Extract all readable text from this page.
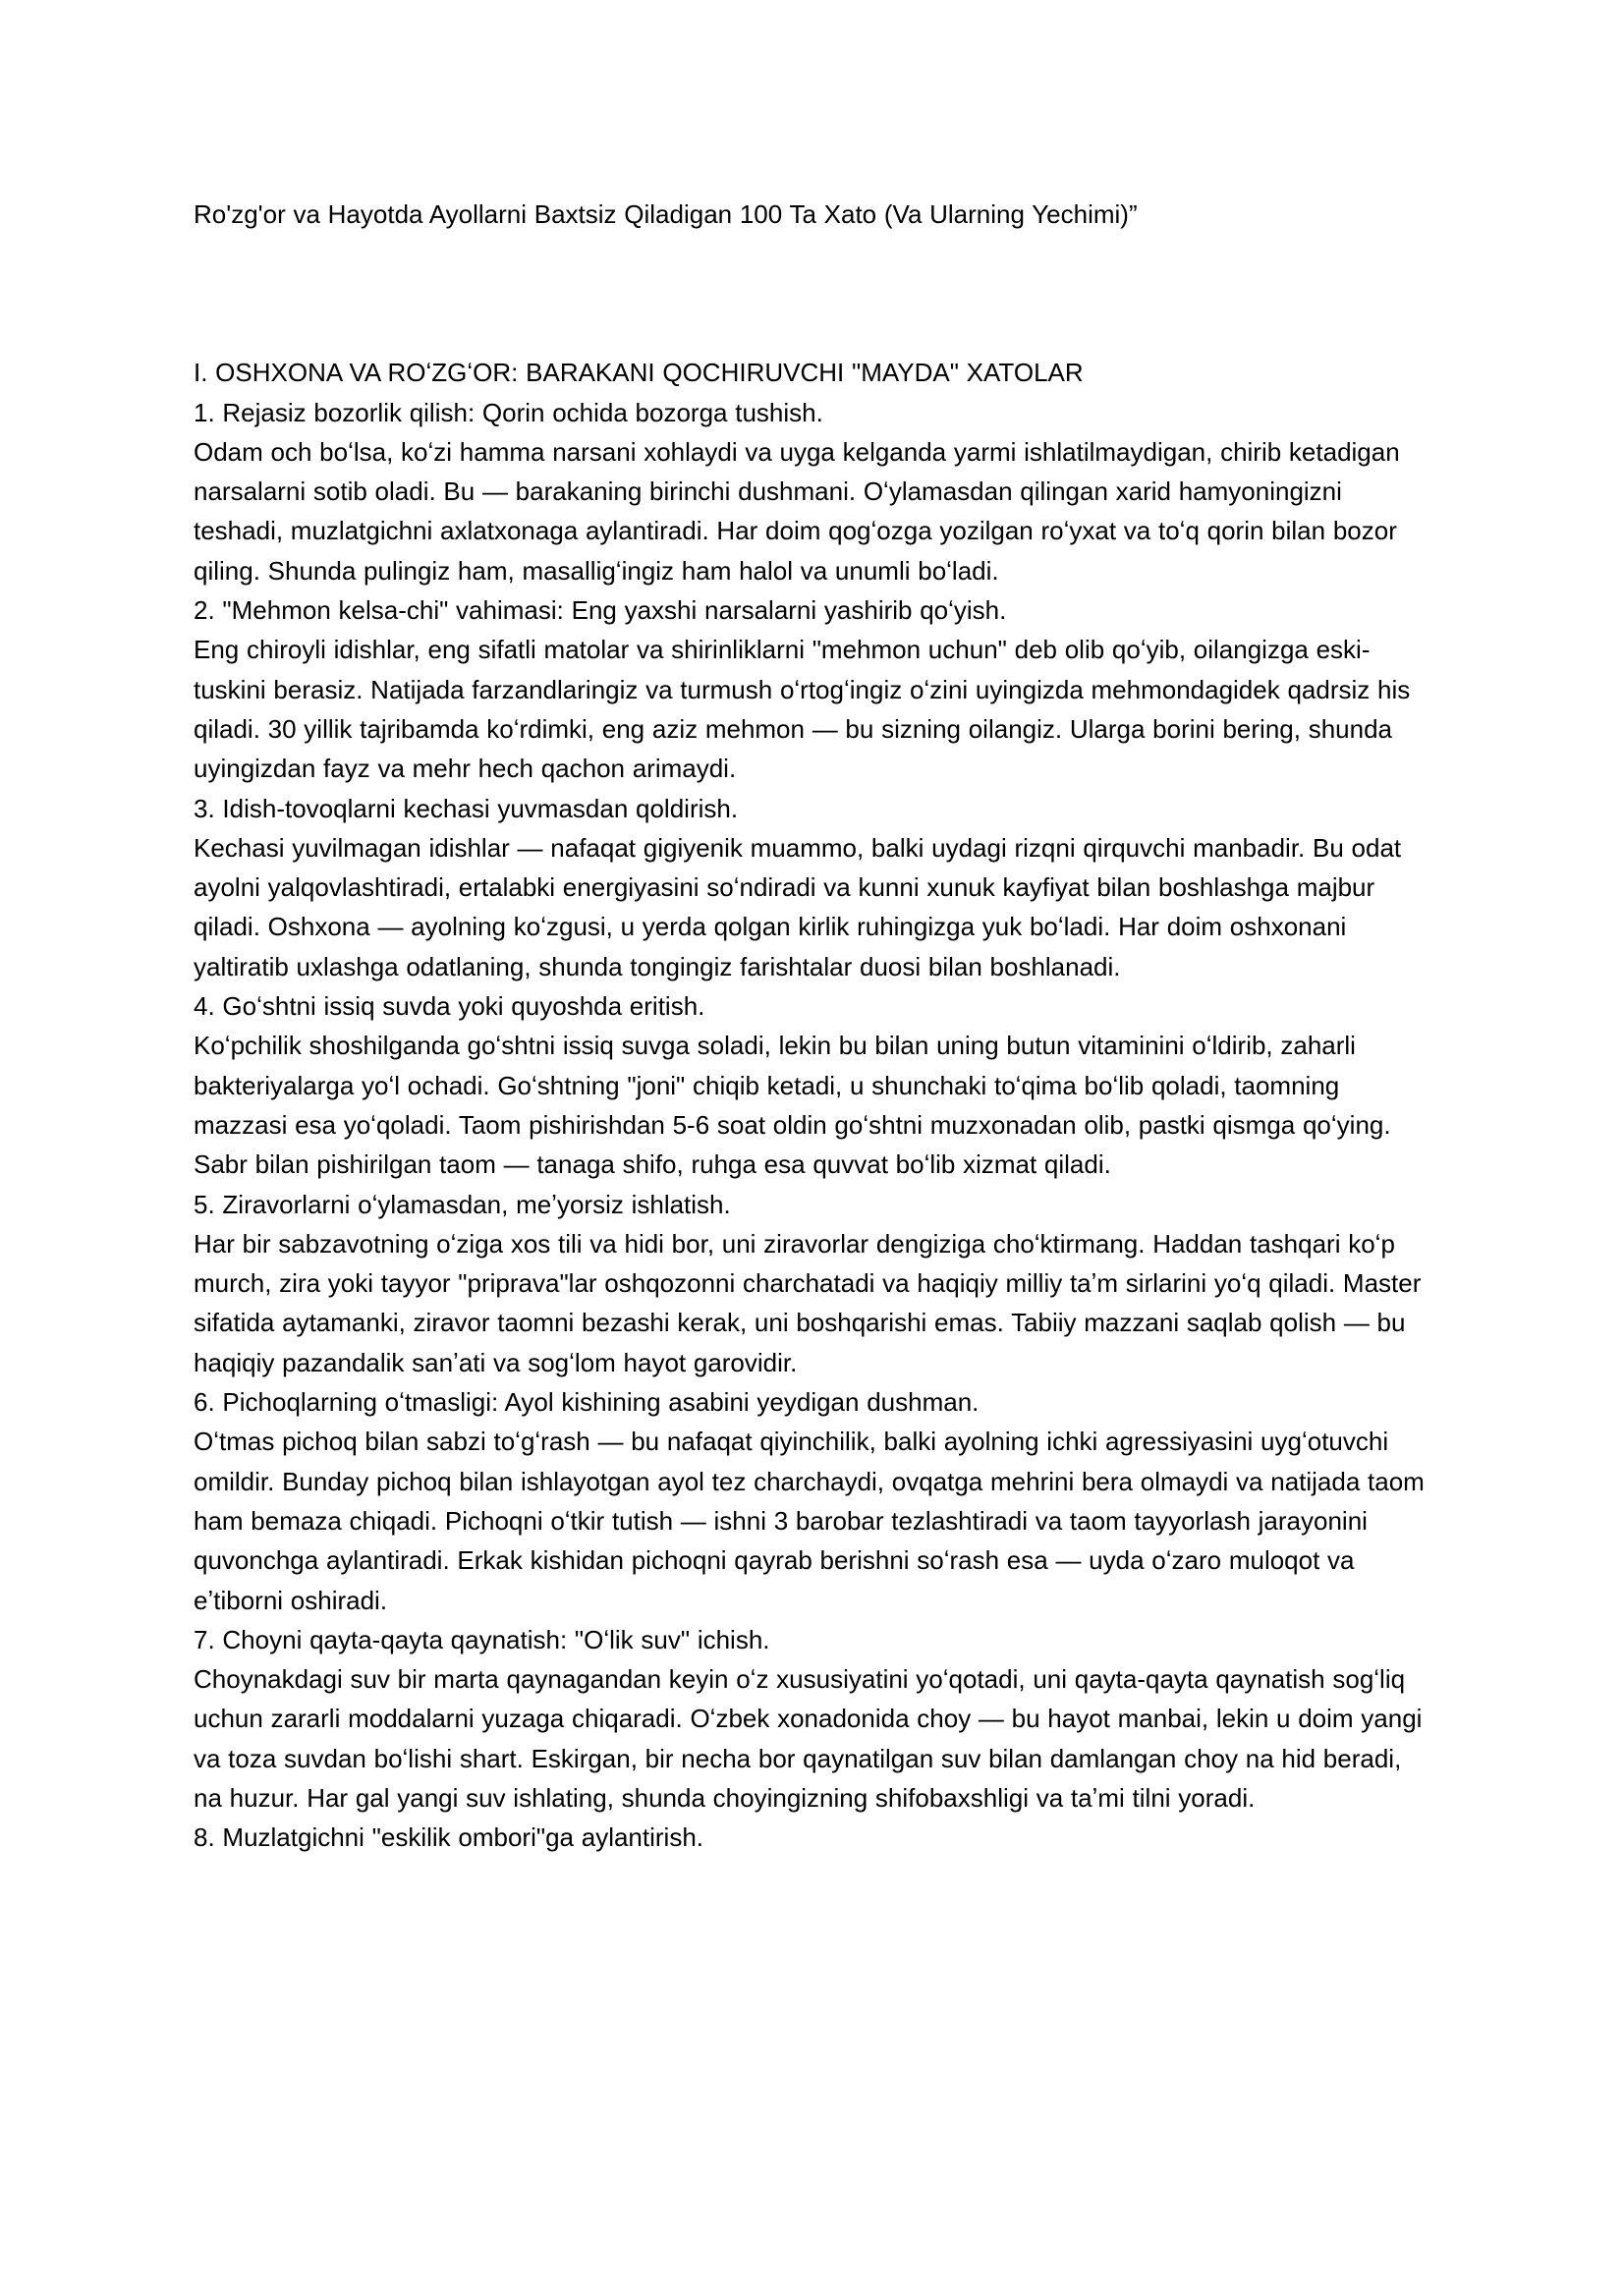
Ro'zg'or va Hayotda Ayollarni Baxtsiz Qiladigan 100 Ta Xato (Va Ularning Yechimi)”

I. OSHXONA VA ROʻZGʻOR: BARAKANI QOCHIRUVCHI "MAYDA" XATOLAR

1. Rejasiz bozorlik qilish: Qorin ochida bozorga tushish.

Odam och boʻlsa, koʻzi hamma narsani xohlaydi va uyga kelganda yarmi ishlatilmaydigan, chirib ketadigan narsalarni sotib oladi. Bu — barakaning birinchi dushmani. Oʻylamasdan qilingan xarid hamyoningizni teshadi, muzlatgichni axlatxonaga aylantiradi. Har doim qogʻozga yozilgan roʻyxat va toʻq qorin bilan bozor qiling. Shunda pulingiz ham, masalligʻingiz ham halol va unumli boʻladi.

2. "Mehmon kelsa-chi" vahimasi: Eng yaxshi narsalarni yashirib qoʻyish.

Eng chiroyli idishlar, eng sifatli matolar va shirinliklarni "mehmon uchun" deb olib qoʻyib, oilangizga eski-tuskini berasiz. Natijada farzandlaringiz va turmush oʻrtogʻingiz oʻzini uyingizda mehmondagidek qadrsiz his qiladi. 30 yillik tajribamda koʻrdimki, eng aziz mehmon — bu sizning oilangiz. Ularga borini bering, shunda uyingizdan fayz va mehr hech qachon arimaydi.

3. Idish-tovoqlarni kechasi yuvmasdan qoldirish.

Kechasi yuvilmagan idishlar — nafaqat gigiyenik muammo, balki uydagi rizqni qirquvchi manbadir. Bu odat ayolni yalqovlashtiradi, ertalabki energiyasini soʻndiradi va kunni xunuk kayfiyat bilan boshlashga majbur qiladi. Oshxona — ayolning koʻzgusi, u yerda qolgan kirlik ruhingizga yuk boʻladi. Har doim oshxonani yaltiratib uxlashga odatlaning, shunda tongingiz farishtalar duosi bilan boshlanadi.

4. Goʻshtni issiq suvda yoki quyoshda eritish.

Koʻpchilik shoshilganda goʻshtni issiq suvga soladi, lekin bu bilan uning butun vitaminini oʻldirib, zaharli bakteriyalarga yoʻl ochadi. Goʻshtning "joni" chiqib ketadi, u shunchaki toʻqima boʻlib qoladi, taomning mazzasi esa yoʻqoladi. Taom pishirishdan 5-6 soat oldin goʻshtni muzxonadan olib, pastki qismga qoʻying. Sabr bilan pishirilgan taom — tanaga shifo, ruhga esa quvvat boʻlib xizmat qiladi.

5. Ziravorlarni oʻylamasdan, meʼyorsiz ishlatish.

Har bir sabzavotning oʻziga xos tili va hidi bor, uni ziravorlar dengiziga choʻktirmang. Haddan tashqari koʻp murch, zira yoki tayyor "priprava"lar oshqozonni charchatadi va haqiqiy milliy taʼm sirlarini yoʻq qiladi. Master sifatida aytamanki, ziravor taomni bezashi kerak, uni boshqarishi emas. Tabiiy mazzani saqlab qolish — bu haqiqiy pazandalik sanʼati va sogʻlom hayot garovidir.

6. Pichoqlarning oʻtmasligi: Ayol kishining asabini yeydigan dushman.

Oʻtmas pichoq bilan sabzi toʻgʻrash — bu nafaqat qiyinchilik, balki ayolning ichki agressiyasini uygʻotuvchi omildir. Bunday pichoq bilan ishlayotgan ayol tez charchaydi, ovqatga mehrini bera olmaydi va natijada taom ham bemaza chiqadi. Pichoqni oʻtkir tutish — ishni 3 barobar tezlashtiradi va taom tayyorlash jarayonini quvonchga aylantiradi. Erkak kishidan pichoqni qayrab berishni soʻrash esa — uyda oʻzaro muloqot va eʼtiborni oshiradi.

7. Choyni qayta-qayta qaynatish: "Oʻlik suv" ichish.

Choynakdagi suv bir marta qaynagandan keyin oʻz xususiyatini yoʻqotadi, uni qayta-qayta qaynatish sogʻliq uchun zararli moddalarni yuzaga chiqaradi. Oʻzbek xonadonida choy — bu hayot manbai, lekin u doim yangi va toza suvdan boʻlishi shart. Eskirgan, bir necha bor qaynatilgan suv bilan damlangan choy na hid beradi, na huzur. Har gal yangi suv ishlating, shunda choyingizning shifobaxshligi va taʼmi tilni yoradi.

8. Muzlatgichni "eskilik ombori"ga aylantirish.
